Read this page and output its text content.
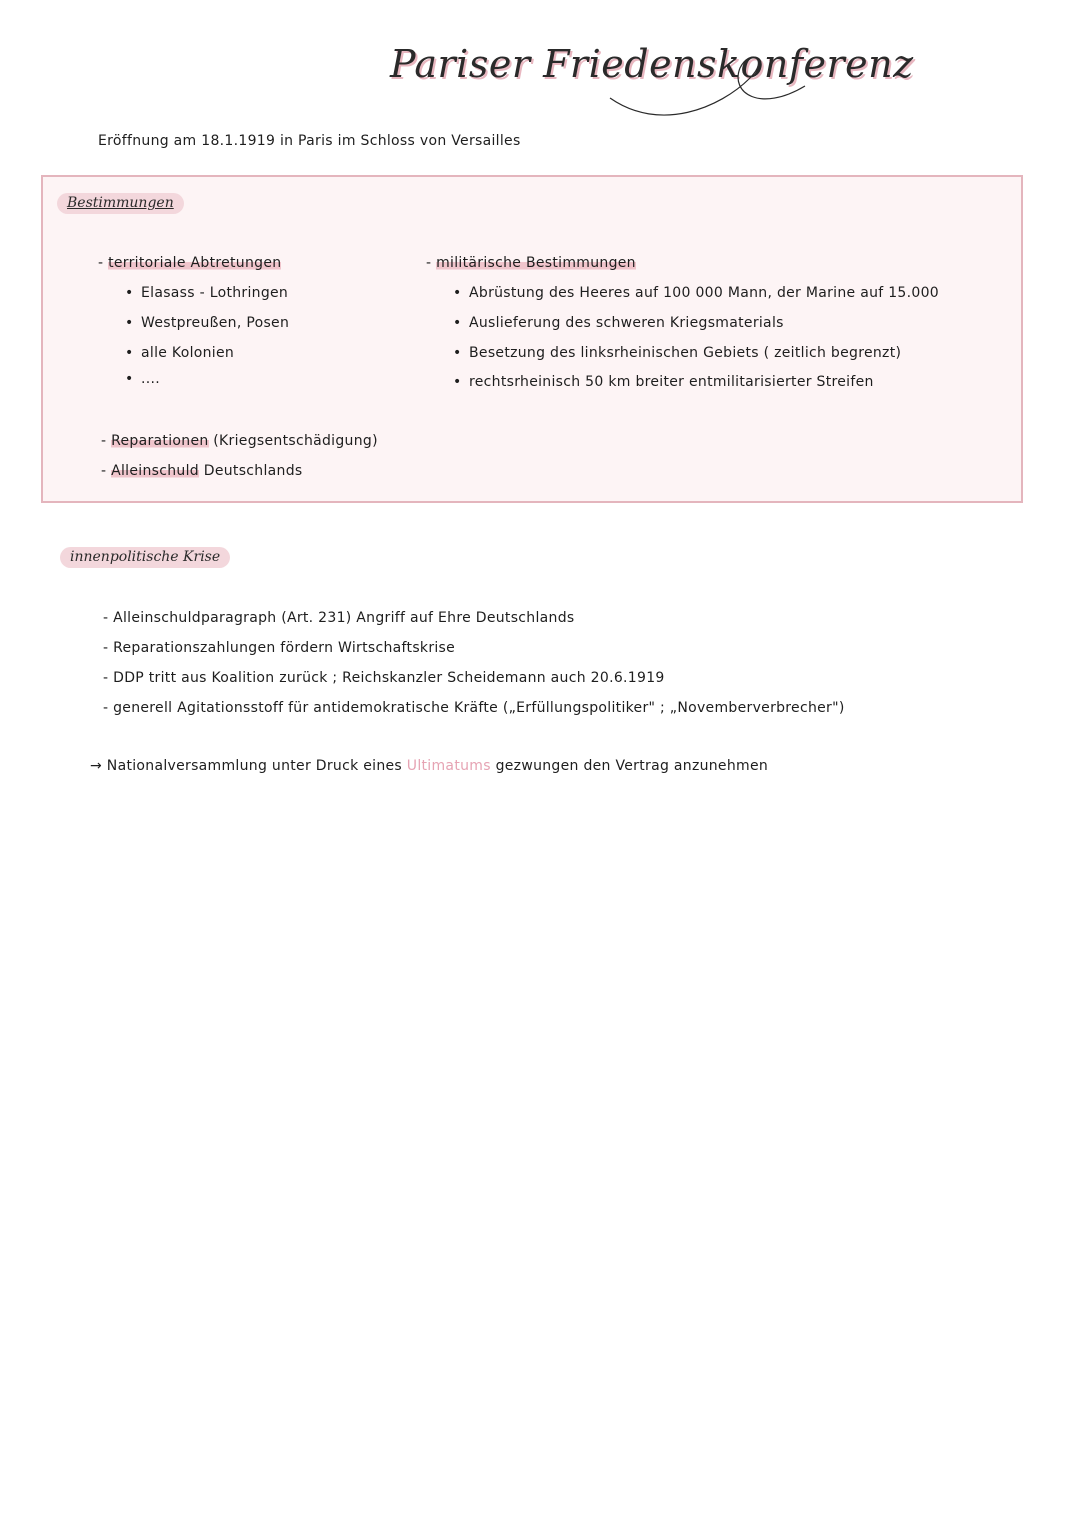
Pariser Friedenskonferenz
Eröffnung am 18.1.1919 in Paris im Schloss von Versailles
Bestimmungen
- territoriale Abtretungen
• Elasass - Lothringen
• Westpreußen, Posen
• alle Kolonien
• ....
- militärische Bestimmungen
• Abrüstung des Heeres auf 100 000 Mann, der Marine auf 15.000
• Auslieferung des schweren Kriegsmaterials
• Besetzung des linksrheinischen Gebiets ( zeitlich begrenzt)
• rechtsrheinisch 50 km breiter entmilitarisierter Streifen
- Reparationen (Kriegsentschädigung)
- Alleinschuld Deutschlands
innenpolitische Krise
- Alleinschuldparagraph (Art. 231) Angriff auf Ehre Deutschlands
- Reparationszahlungen fördern Wirtschaftskrise
- DDP tritt aus Koalition zurück ; Reichskanzler Scheidemann auch 20.6.1919
- generell Agitationsstoff für antidemokratische Kräfte („Erfüllungspolitiker" ; „Novemberverbrecher")
→ Nationalversammlung unter Druck eines Ultimatums gezwungen den Vertrag anzunehmen
